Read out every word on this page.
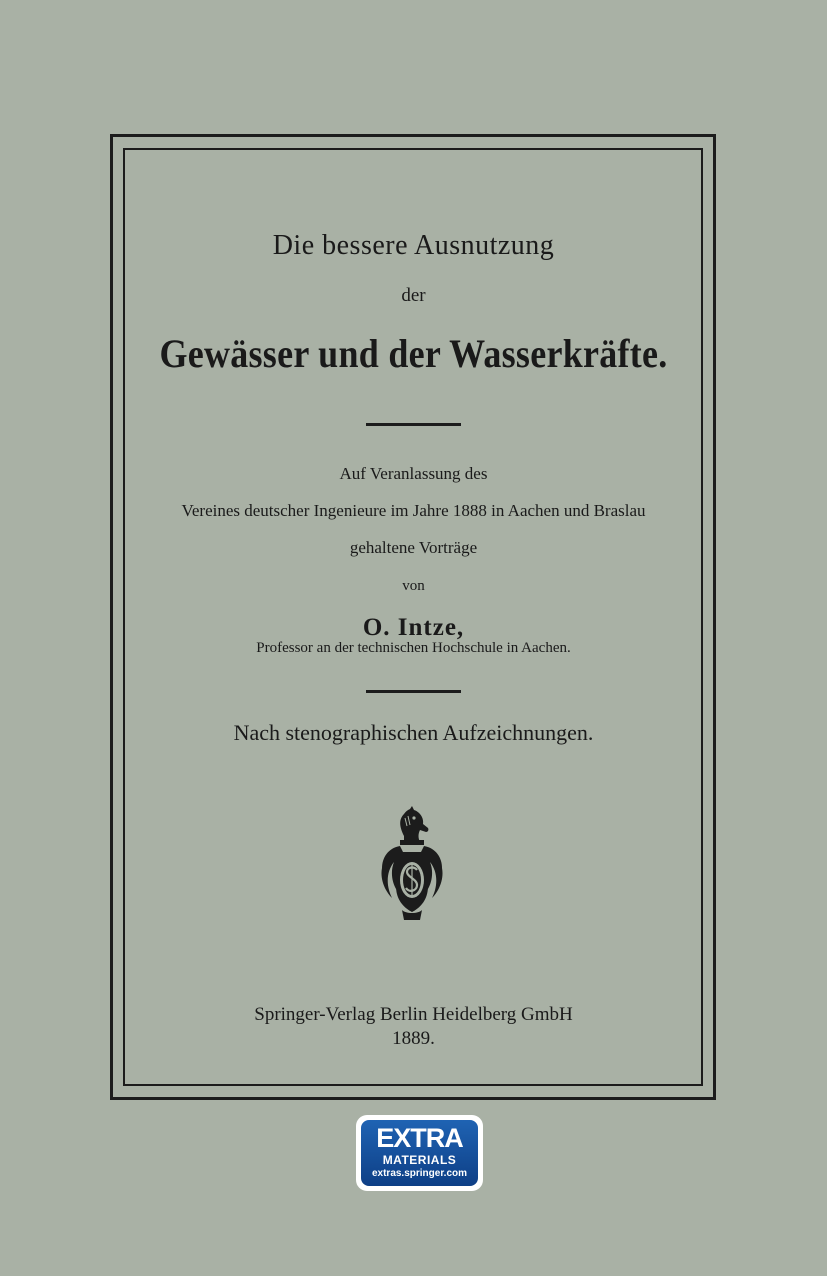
Die bessere Ausnutzung
der
Gewässer und der Wasserkräfte.
Auf Veranlassung des
Vereines deutscher Ingenieure im Jahre 1888 in Aachen und Braslau
gehaltene Vorträge
von
O. Intze,
Professor an der technischen Hochschule in Aachen.
Nach stenographischen Aufzeichnungen.
Springer-Verlag Berlin Heidelberg GmbH
1889.
EXTRA
MATERIALS
extras.springer.com
